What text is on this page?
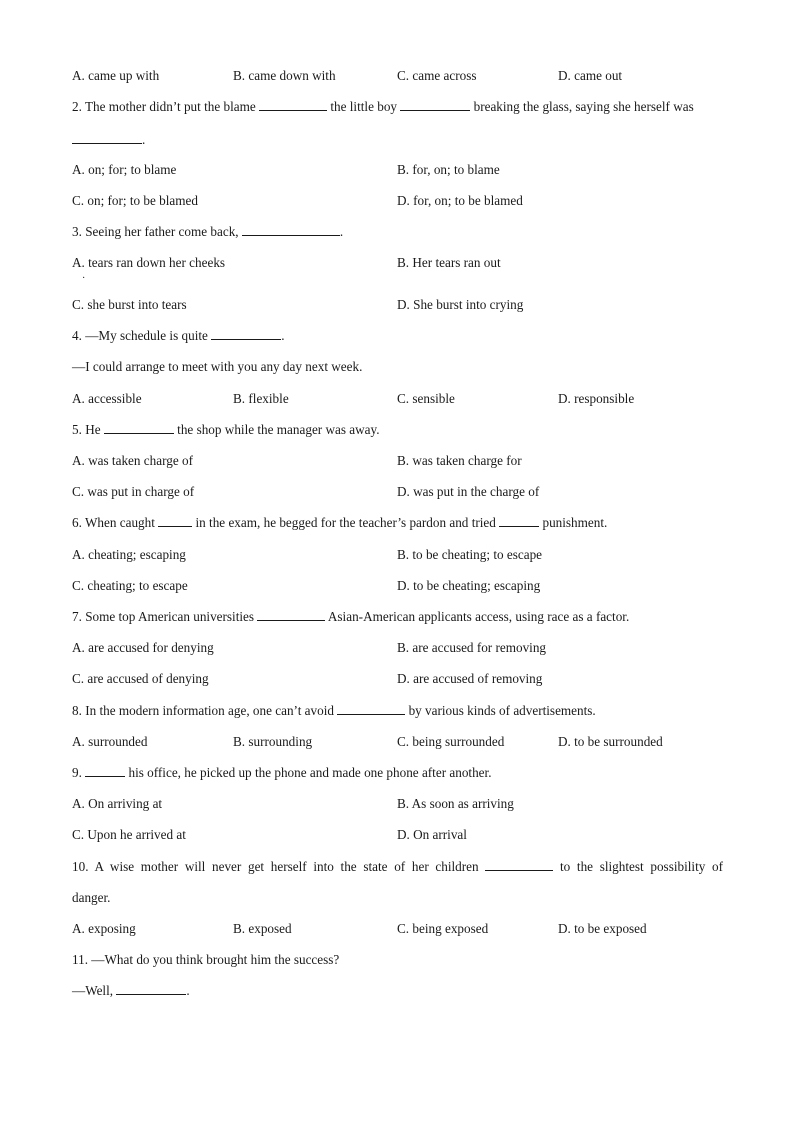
A. came up with	B. came down with	C. came across	D. came out
2. The mother didn’t put the blame	the little boy	breaking the glass, saying she herself was
.
A. on; for; to blame	B. for, on; to blame
C. on; for; to be blamed	D. for, on; to be blamed
3. Seeing her father come back,	.
A. tears ran down her cheeks	B. Her tears ran out
·
C. she burst into tears	D. She burst into crying
4. —My schedule is quite	.
—I could arrange to meet with you any day next week.
A. accessible	B. flexible	C. sensible	D. responsible
5. He	the shop while the manager was away.
A. was taken charge of	B. was taken charge for
C. was put in charge of	D. was put in the charge of
6. When caught	in the exam, he begged for the teacher’s pardon and tried	punishment.
A. cheating; escaping	B. to be cheating; to escape
C. cheating; to escape	D. to be cheating; escaping
7. Some top American universities	Asian-American applicants access, using race as a factor.
A. are accused for denying	B. are accused for removing
C. are accused of denying	D. are accused of removing
8. In the modern information age, one can’t avoid	by various kinds of advertisements.
A. surrounded	B. surrounding	C. being surrounded	D. to be surrounded
9.	his office, he picked up the phone and made one phone after another.
A. On arriving at	B. As soon as arriving
C. Upon he arrived at	D. On arrival
10. A wise mother will never get herself into the state of her children	to the slightest possibility of
danger.
A. exposing	B. exposed	C. being exposed	D. to be exposed
11. —What do you think brought him the success?
—Well,	.
